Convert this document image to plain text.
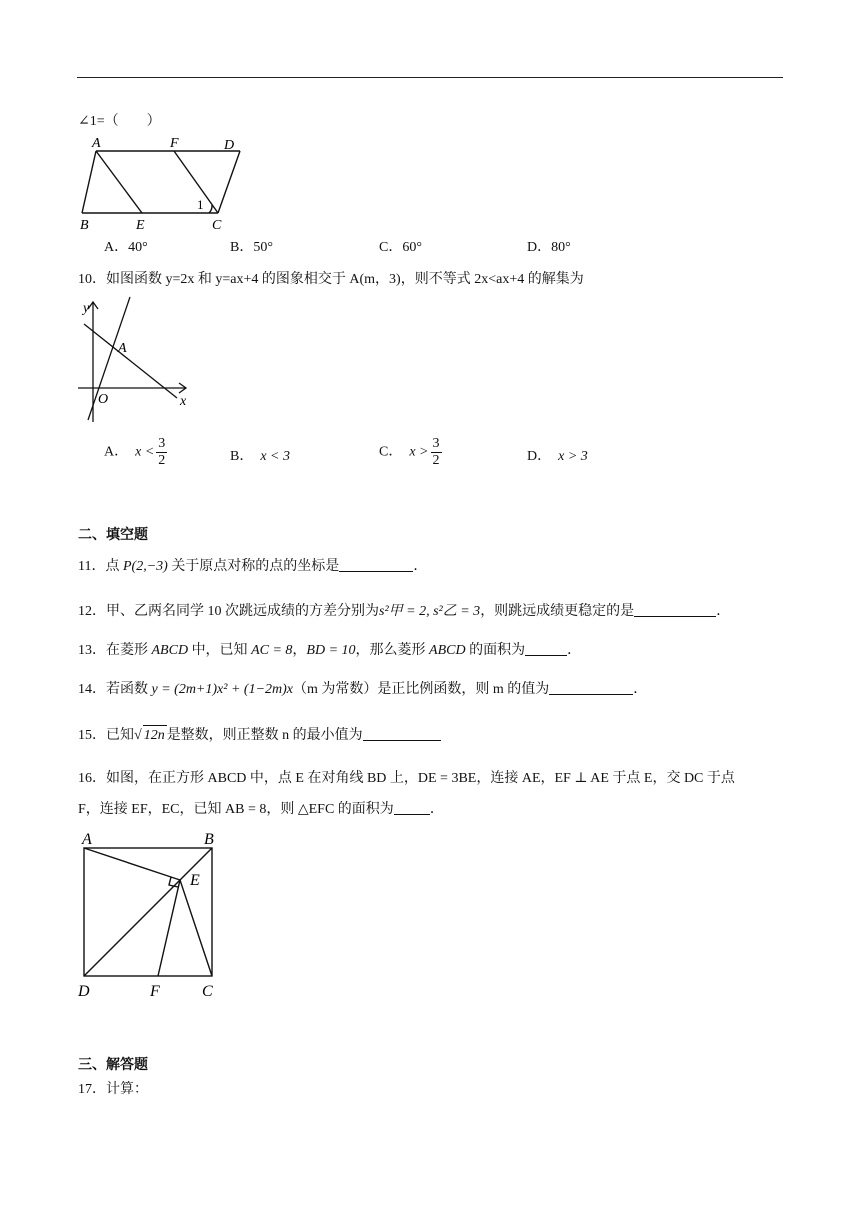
∠1=（　　）
A	F	D
B	E	C
1
A．40°	B．50°	C．60°	D．80°
10．如图函数 y=2x 和 y=ax+4 的图象相交于 A(m，3)，则不等式 2x<ax+4 的解集为
y
x
O
A
A． $x < \frac{3}{2}$	B． x < 3	C． $x > \frac{3}{2}$	D． x > 3
二、填空题
11．点 P(2,−3) 关于原点对称的点的坐标是	．
12．甲、乙两名同学 10 次跳远成绩的方差分别为s²甲 = 2, s²乙 = 3，则跳远成绩更稳定的是	．
13．在菱形 ABCD 中，已知 AC = 8，BD = 10，那么菱形 ABCD 的面积为	．
14．若函数 y = (2m+1)x² + (1−2m)x（m 为常数）是正比例函数，则 m 的值为	．
15．已知√ 12n 是整数，则正整数 n 的最小值为
16．如图，在正方形 ABCD 中，点 E 在对角线 BD 上，DE = 3BE，连接 AE，EF ⊥ AE 于点 E，交 DC 于点
F，连接 EF，EC，已知 AB = 8，则 △EFC 的面积为	．
A	B
E
D	F	C
三、解答题
17．计算：
